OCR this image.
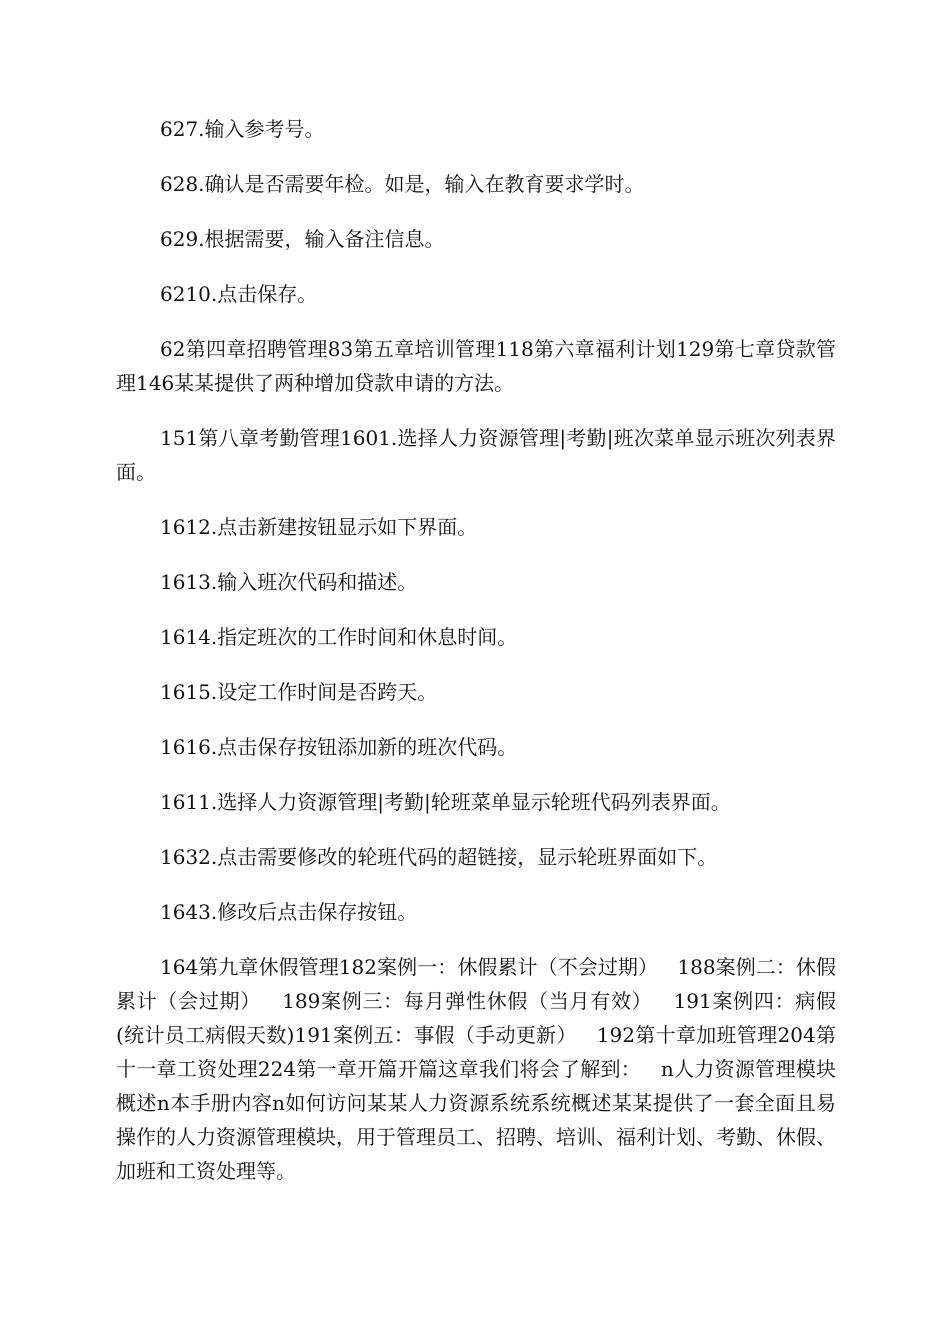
627.输入参考号。

628.确认是否需要年检。如是，输入在教育要求学时。

629.根据需要，输入备注信息。

6210.点击保存。

62第四章招聘管理83第五章培训管理118第六章福利计划129第七章贷款管理146某某提供了两种增加贷款申请的方法。

151第八章考勤管理1601.选择人力资源管理|考勤|班次菜单显示班次列表界面。

1612.点击新建按钮显示如下界面。

1613.输入班次代码和描述。

1614.指定班次的工作时间和休息时间。

1615.设定工作时间是否跨天。

1616.点击保存按钮添加新的班次代码。

1611.选择人力资源管理|考勤|轮班菜单显示轮班代码列表界面。

1632.点击需要修改的轮班代码的超链接，显示轮班界面如下。

1643.修改后点击保存按钮。

164第九章休假管理182案例一：休假累计（不会过期）   188案例二：休假累计（会过期）   189案例三：每月弹性休假（当月有效）   191案例四：病假(统计员工病假天数)191案例五：事假（手动更新）   192第十章加班管理204第十一章工资处理224第一章开篇开篇这章我们将会了解到：   n人力资源管理模块概述n本手册内容n如何访问某某人力资源系统系统概述某某提供了一套全面且易操作的人力资源管理模块，用于管理员工、招聘、培训、福利计划、考勤、休假、加班和工资处理等。
